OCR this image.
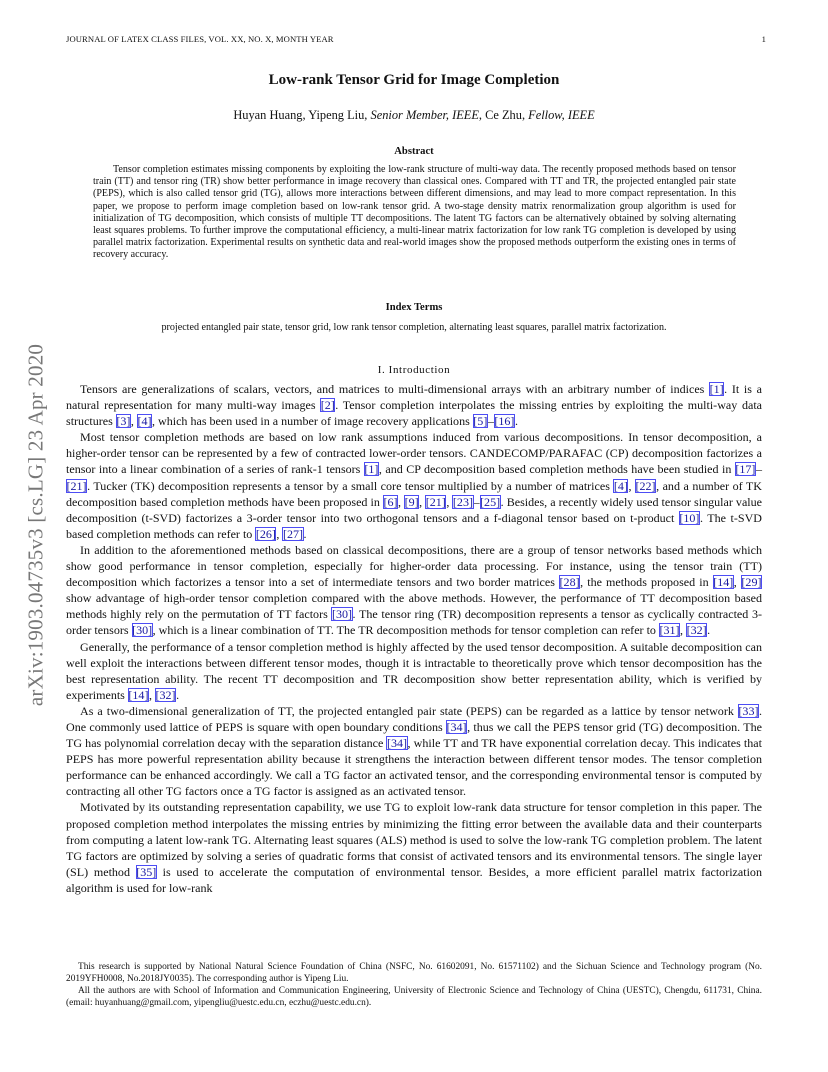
JOURNAL OF LATEX CLASS FILES, VOL. XX, NO. X, MONTH YEAR	1
arXiv:1903.04735v3 [cs.LG] 23 Apr 2020
Low-rank Tensor Grid for Image Completion
Huyan Huang, Yipeng Liu, Senior Member, IEEE, Ce Zhu, Fellow, IEEE
Abstract

Tensor completion estimates missing components by exploiting the low-rank structure of multi-way data. The recently proposed methods based on tensor train (TT) and tensor ring (TR) show better performance in image recovery than classical ones. Compared with TT and TR, the projected entangled pair state (PEPS), which is also called tensor grid (TG), allows more interactions between different dimensions, and may lead to more compact representation. In this paper, we propose to perform image completion based on low-rank tensor grid. A two-stage density matrix renormalization group algorithm is used for initialization of TG decomposition, which consists of multiple TT decompositions. The latent TG factors can be alternatively obtained by solving alternating least squares problems. To further improve the computational efficiency, a multi-linear matrix factorization for low rank TG completion is developed by using parallel matrix factorization. Experimental results on synthetic data and real-world images show the proposed methods outperform the existing ones in terms of recovery accuracy.

Index Terms
projected entangled pair state, tensor grid, low rank tensor completion, alternating least squares, parallel matrix factorization.
I. Introduction

Tensors are generalizations of scalars, vectors, and matrices to multi-dimensional arrays with an arbitrary number of indices [1]. It is a natural representation for many multi-way images [2]. Tensor completion interpolates the missing entries by exploiting the multi-way data structures [3], [4], which has been used in a number of image recovery applications [5]–[16].

Most tensor completion methods are based on low rank assumptions induced from various decompositions. In tensor decomposition, a higher-order tensor can be represented by a few of contracted lower-order tensors. CANDECOMP/PARAFAC (CP) decomposition factorizes a tensor into a linear combination of a series of rank-1 tensors [1], and CP decomposition based completion methods have been studied in [17]–[21]. Tucker (TK) decomposition represents a tensor by a small core tensor multiplied by a number of matrices [4], [22], and a number of TK decomposition based completion methods have been proposed in [6], [9], [21], [23]–[25]. Besides, a recently widely used tensor singular value decomposition (t-SVD) factorizes a 3-order tensor into two orthogonal tensors and a f-diagonal tensor based on t-product [10]. The t-SVD based completion methods can refer to [26], [27].

In addition to the aforementioned methods based on classical decompositions, there are a group of tensor networks based methods which show good performance in tensor completion, especially for higher-order data processing. For instance, using the tensor train (TT) decomposition which factorizes a tensor into a set of intermediate tensors and two border matrices [28], the methods proposed in [14], [29] show advantage of high-order tensor completion compared with the above methods. However, the performance of TT decomposition based methods highly rely on the permutation of TT factors [30]. The tensor ring (TR) decomposition represents a tensor as cyclically contracted 3-order tensors [30], which is a linear combination of TT. The TR decomposition methods for tensor completion can refer to [31], [32].

Generally, the performance of a tensor completion method is highly affected by the used tensor decomposition. A suitable decomposition can well exploit the interactions between different tensor modes, though it is intractable to theoretically prove which tensor decomposition has the best representation ability. The recent TT decomposition and TR decomposition show better representation ability, which is verified by experiments [14], [32].

As a two-dimensional generalization of TT, the projected entangled pair state (PEPS) can be regarded as a lattice by tensor network [33]. One commonly used lattice of PEPS is square with open boundary conditions [34], thus we call the PEPS tensor grid (TG) decomposition. The TG has polynomial correlation decay with the separation distance [34], while TT and TR have exponential correlation decay. This indicates that PEPS has more powerful representation ability because it strengthens the interaction between different tensor modes. The tensor completion performance can be enhanced accordingly. We call a TG factor an activated tensor, and the corresponding environmental tensor is computed by contracting all other TG factors once a TG factor is assigned as an activated tensor.

Motivated by its outstanding representation capability, we use TG to exploit low-rank data structure for tensor completion in this paper. The proposed completion method interpolates the missing entries by minimizing the fitting error between the available data and their counterparts from computing a latent low-rank TG. Alternating least squares (ALS) method is used to solve the low-rank TG completion problem. The latent TG factors are optimized by solving a series of quadratic forms that consist of activated tensors and its environmental tensors. The single layer (SL) method [35] is used to accelerate the computation of environmental tensor. Besides, a more efficient parallel matrix factorization algorithm is used for low-rank

This research is supported by National Natural Science Foundation of China (NSFC, No. 61602091, No. 61571102) and the Sichuan Science and Technology program (No. 2019YFH0008, No.2018JY0035). The corresponding author is Yipeng Liu.

All the authors are with School of Information and Communication Engineering, University of Electronic Science and Technology of China (UESTC), Chengdu, 611731, China. (email: huyanhuang@gmail.com, yipengliu@uestc.edu.cn, eczhu@uestc.edu.cn).
